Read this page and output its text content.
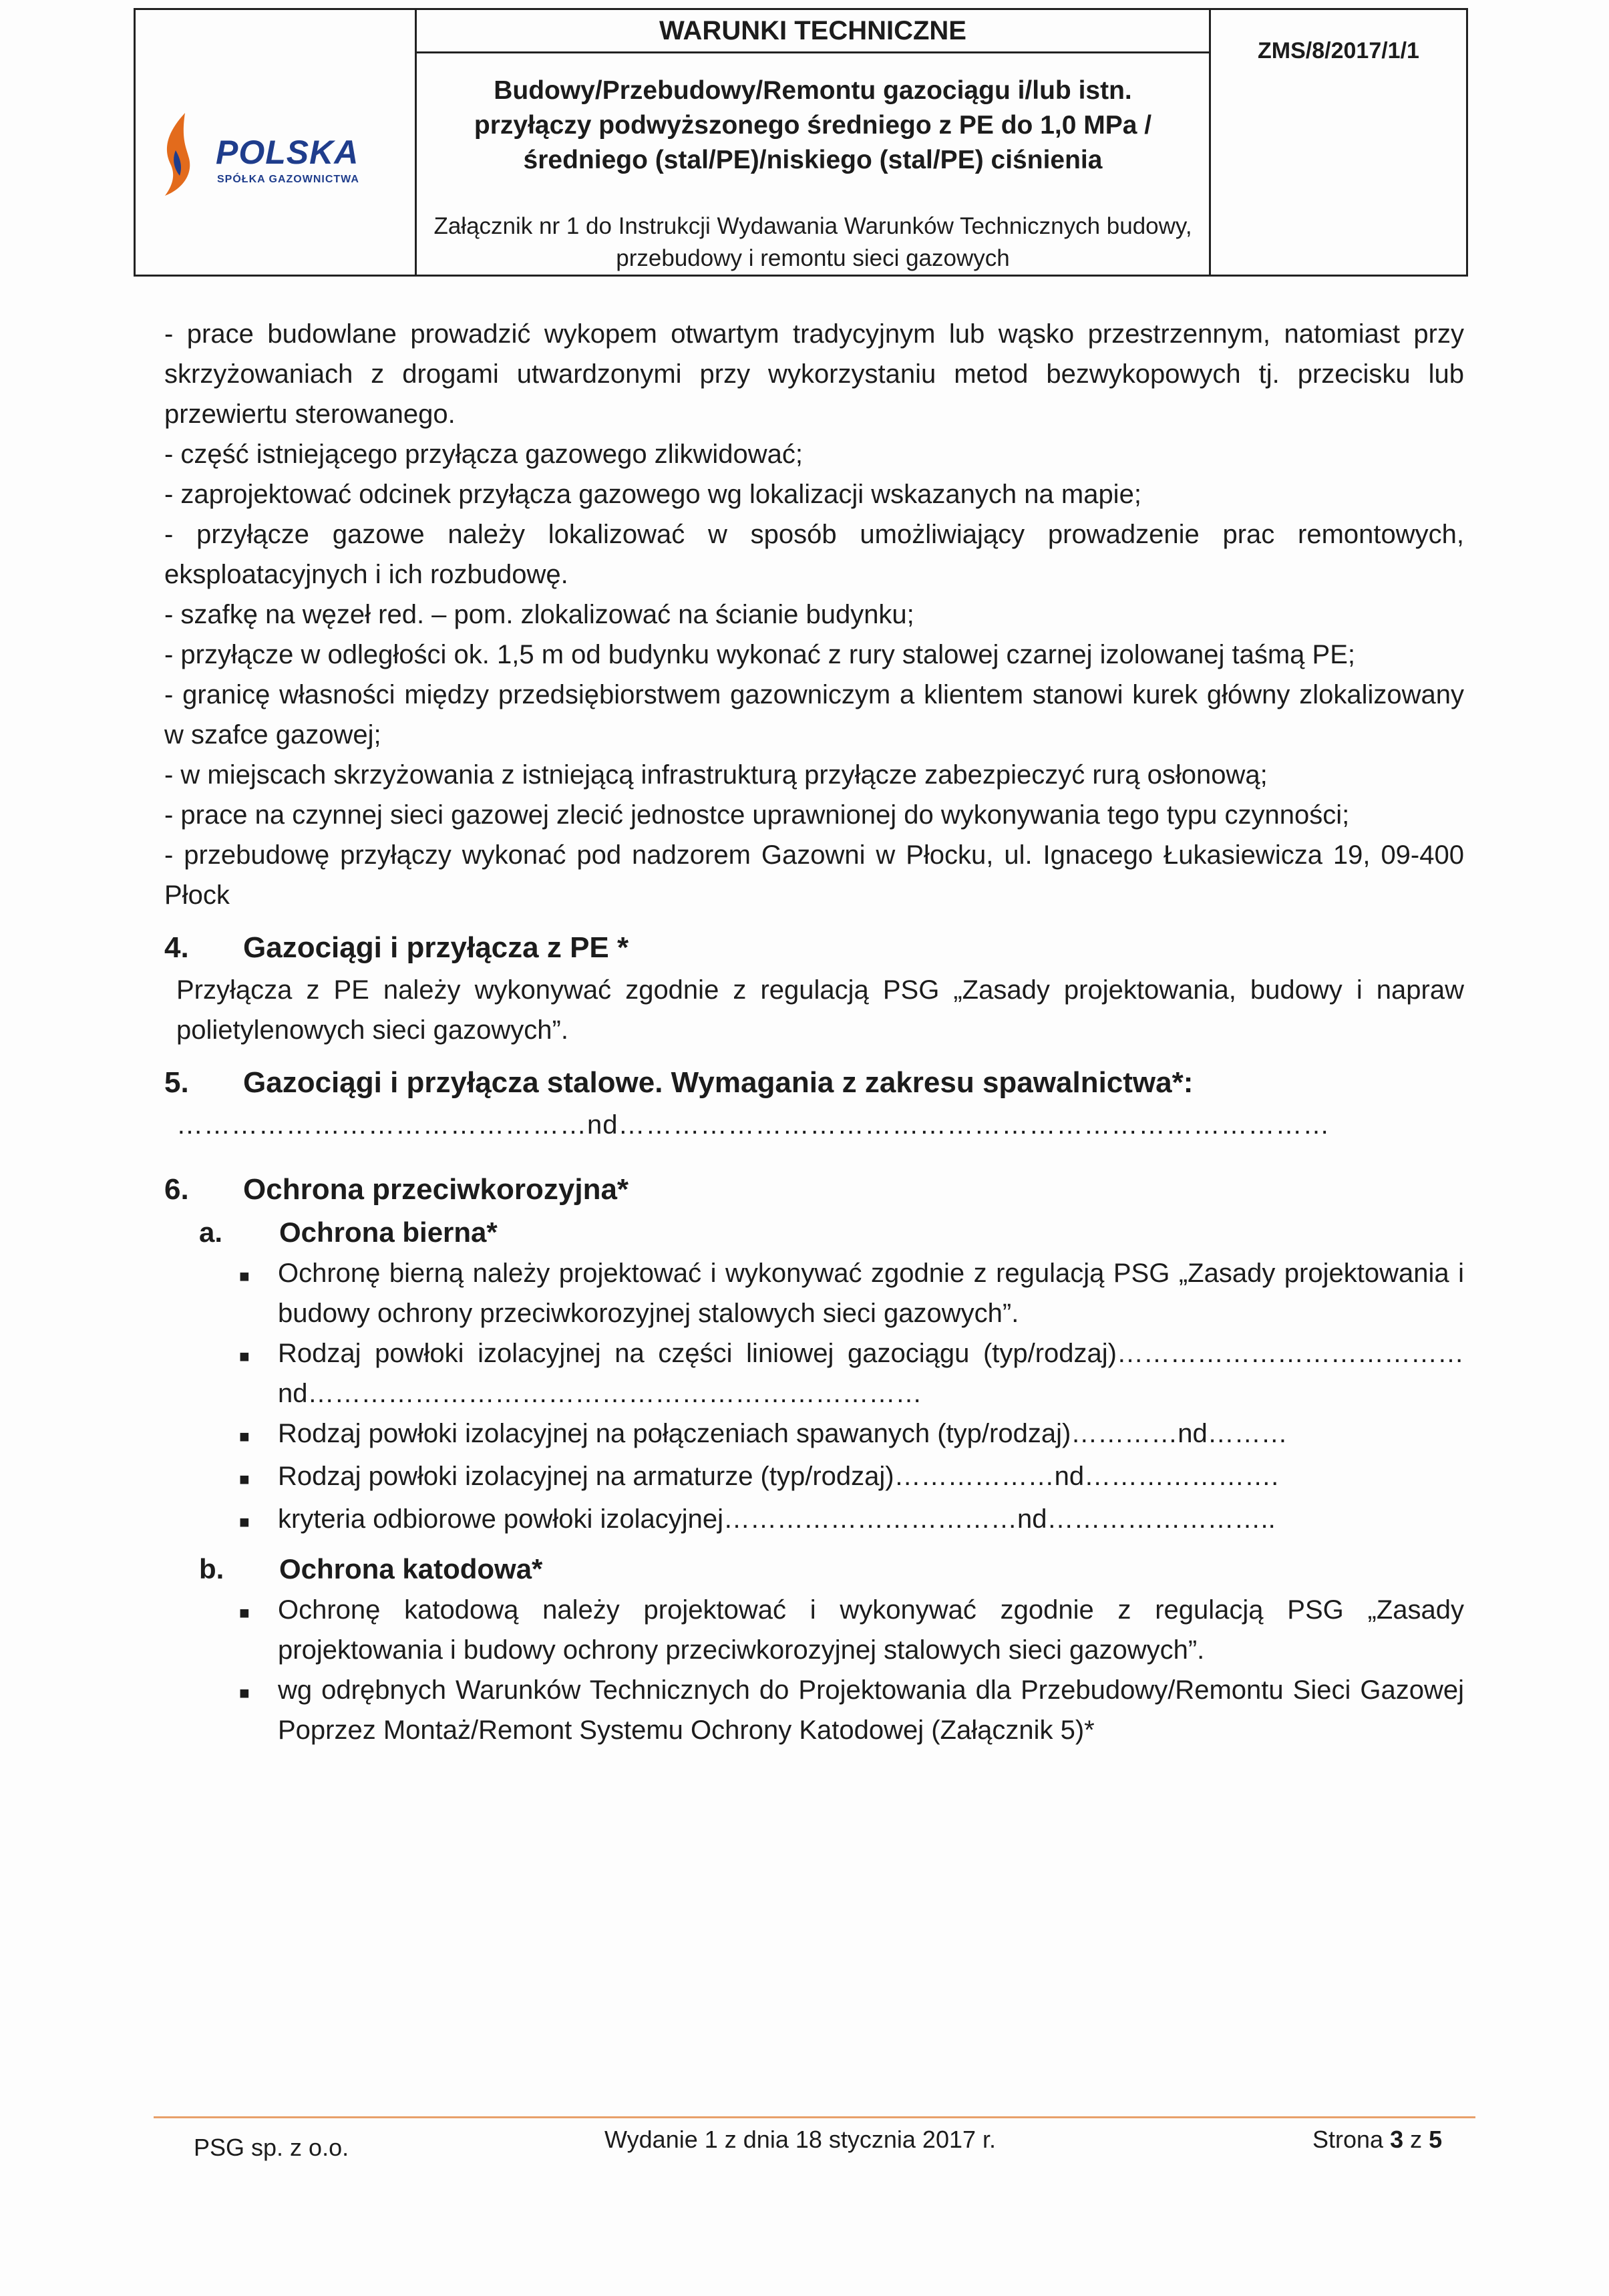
POLSKA
SPÓŁKA GAZOWNICTWA
WARUNKI TECHNICZNE
Budowy/Przebudowy/Remontu gazociągu i/lub istn. przyłączy podwyższonego średniego z PE do 1,0 MPa /średniego (stal/PE)/niskiego (stal/PE) ciśnienia
Załącznik nr 1 do Instrukcji Wydawania Warunków Technicznych budowy, przebudowy i remontu sieci gazowych
ZMS/8/2017/1/1

- prace budowlane prowadzić wykopem otwartym tradycyjnym lub wąsko przestrzennym, natomiast przy skrzyżowaniach z drogami utwardzonymi przy wykorzystaniu metod bezwykopowych tj. przecisku lub przewiertu sterowanego.

- część istniejącego przyłącza gazowego zlikwidować;

- zaprojektować odcinek przyłącza gazowego wg lokalizacji wskazanych na mapie;

- przyłącze gazowe należy lokalizować w sposób umożliwiający prowadzenie prac remontowych, eksploatacyjnych i ich rozbudowę.

- szafkę na węzeł red. – pom. zlokalizować na ścianie budynku;

- przyłącze w odległości ok. 1,5 m od budynku wykonać z rury stalowej czarnej izolowanej taśmą PE;

- granicę własności między przedsiębiorstwem gazowniczym a klientem stanowi kurek główny zlokalizowany w szafce gazowej;

- w miejscach skrzyżowania z istniejącą infrastrukturą przyłącze zabezpieczyć rurą osłonową;

- prace na czynnej sieci gazowej zlecić jednostce uprawnionej do wykonywania tego typu czynności;

- przebudowę przyłączy wykonać pod nadzorem Gazowni w Płocku, ul. Ignacego Łukasiewicza 19, 09-400 Płock

4.	Gazociągi i przyłącza z PE *

Przyłącza z PE należy wykonywać zgodnie z regulacją PSG „Zasady projektowania, budowy i napraw polietylenowych sieci gazowych”.

5.	Gazociągi i przyłącza stalowe. Wymagania z zakresu spawalnictwa*:

………………………………………nd……………………………………………………………………

6.	Ochrona przeciwkorozyjna*
a.	Ochrona bierna*
■	Ochronę bierną należy projektować i wykonywać zgodnie z regulacją PSG „Zasady projektowania i budowy ochrony przeciwkorozyjnej stalowych sieci gazowych”.
■	Rodzaj powłoki izolacyjnej na części liniowej gazociągu (typ/rodzaj)…………………………………nd……………………………………………………………
■	Rodzaj powłoki izolacyjnej na połączeniach spawanych (typ/rodzaj)…………nd………
■	Rodzaj powłoki izolacyjnej na armaturze (typ/rodzaj)………………nd………………….
■	kryteria odbiorowe powłoki izolacyjnej……………………………nd……………………..
b.	Ochrona katodowa*
■	Ochronę katodową należy projektować i wykonywać zgodnie z regulacją PSG „Zasady projektowania i budowy ochrony przeciwkorozyjnej stalowych sieci gazowych”.
■	wg odrębnych Warunków Technicznych do Projektowania dla Przebudowy/Remontu Sieci Gazowej Poprzez Montaż/Remont Systemu Ochrony Katodowej (Załącznik 5)*
PSG sp. z o.o.	Wydanie 1 z dnia 18 stycznia 2017 r.	Strona 3 z 5
